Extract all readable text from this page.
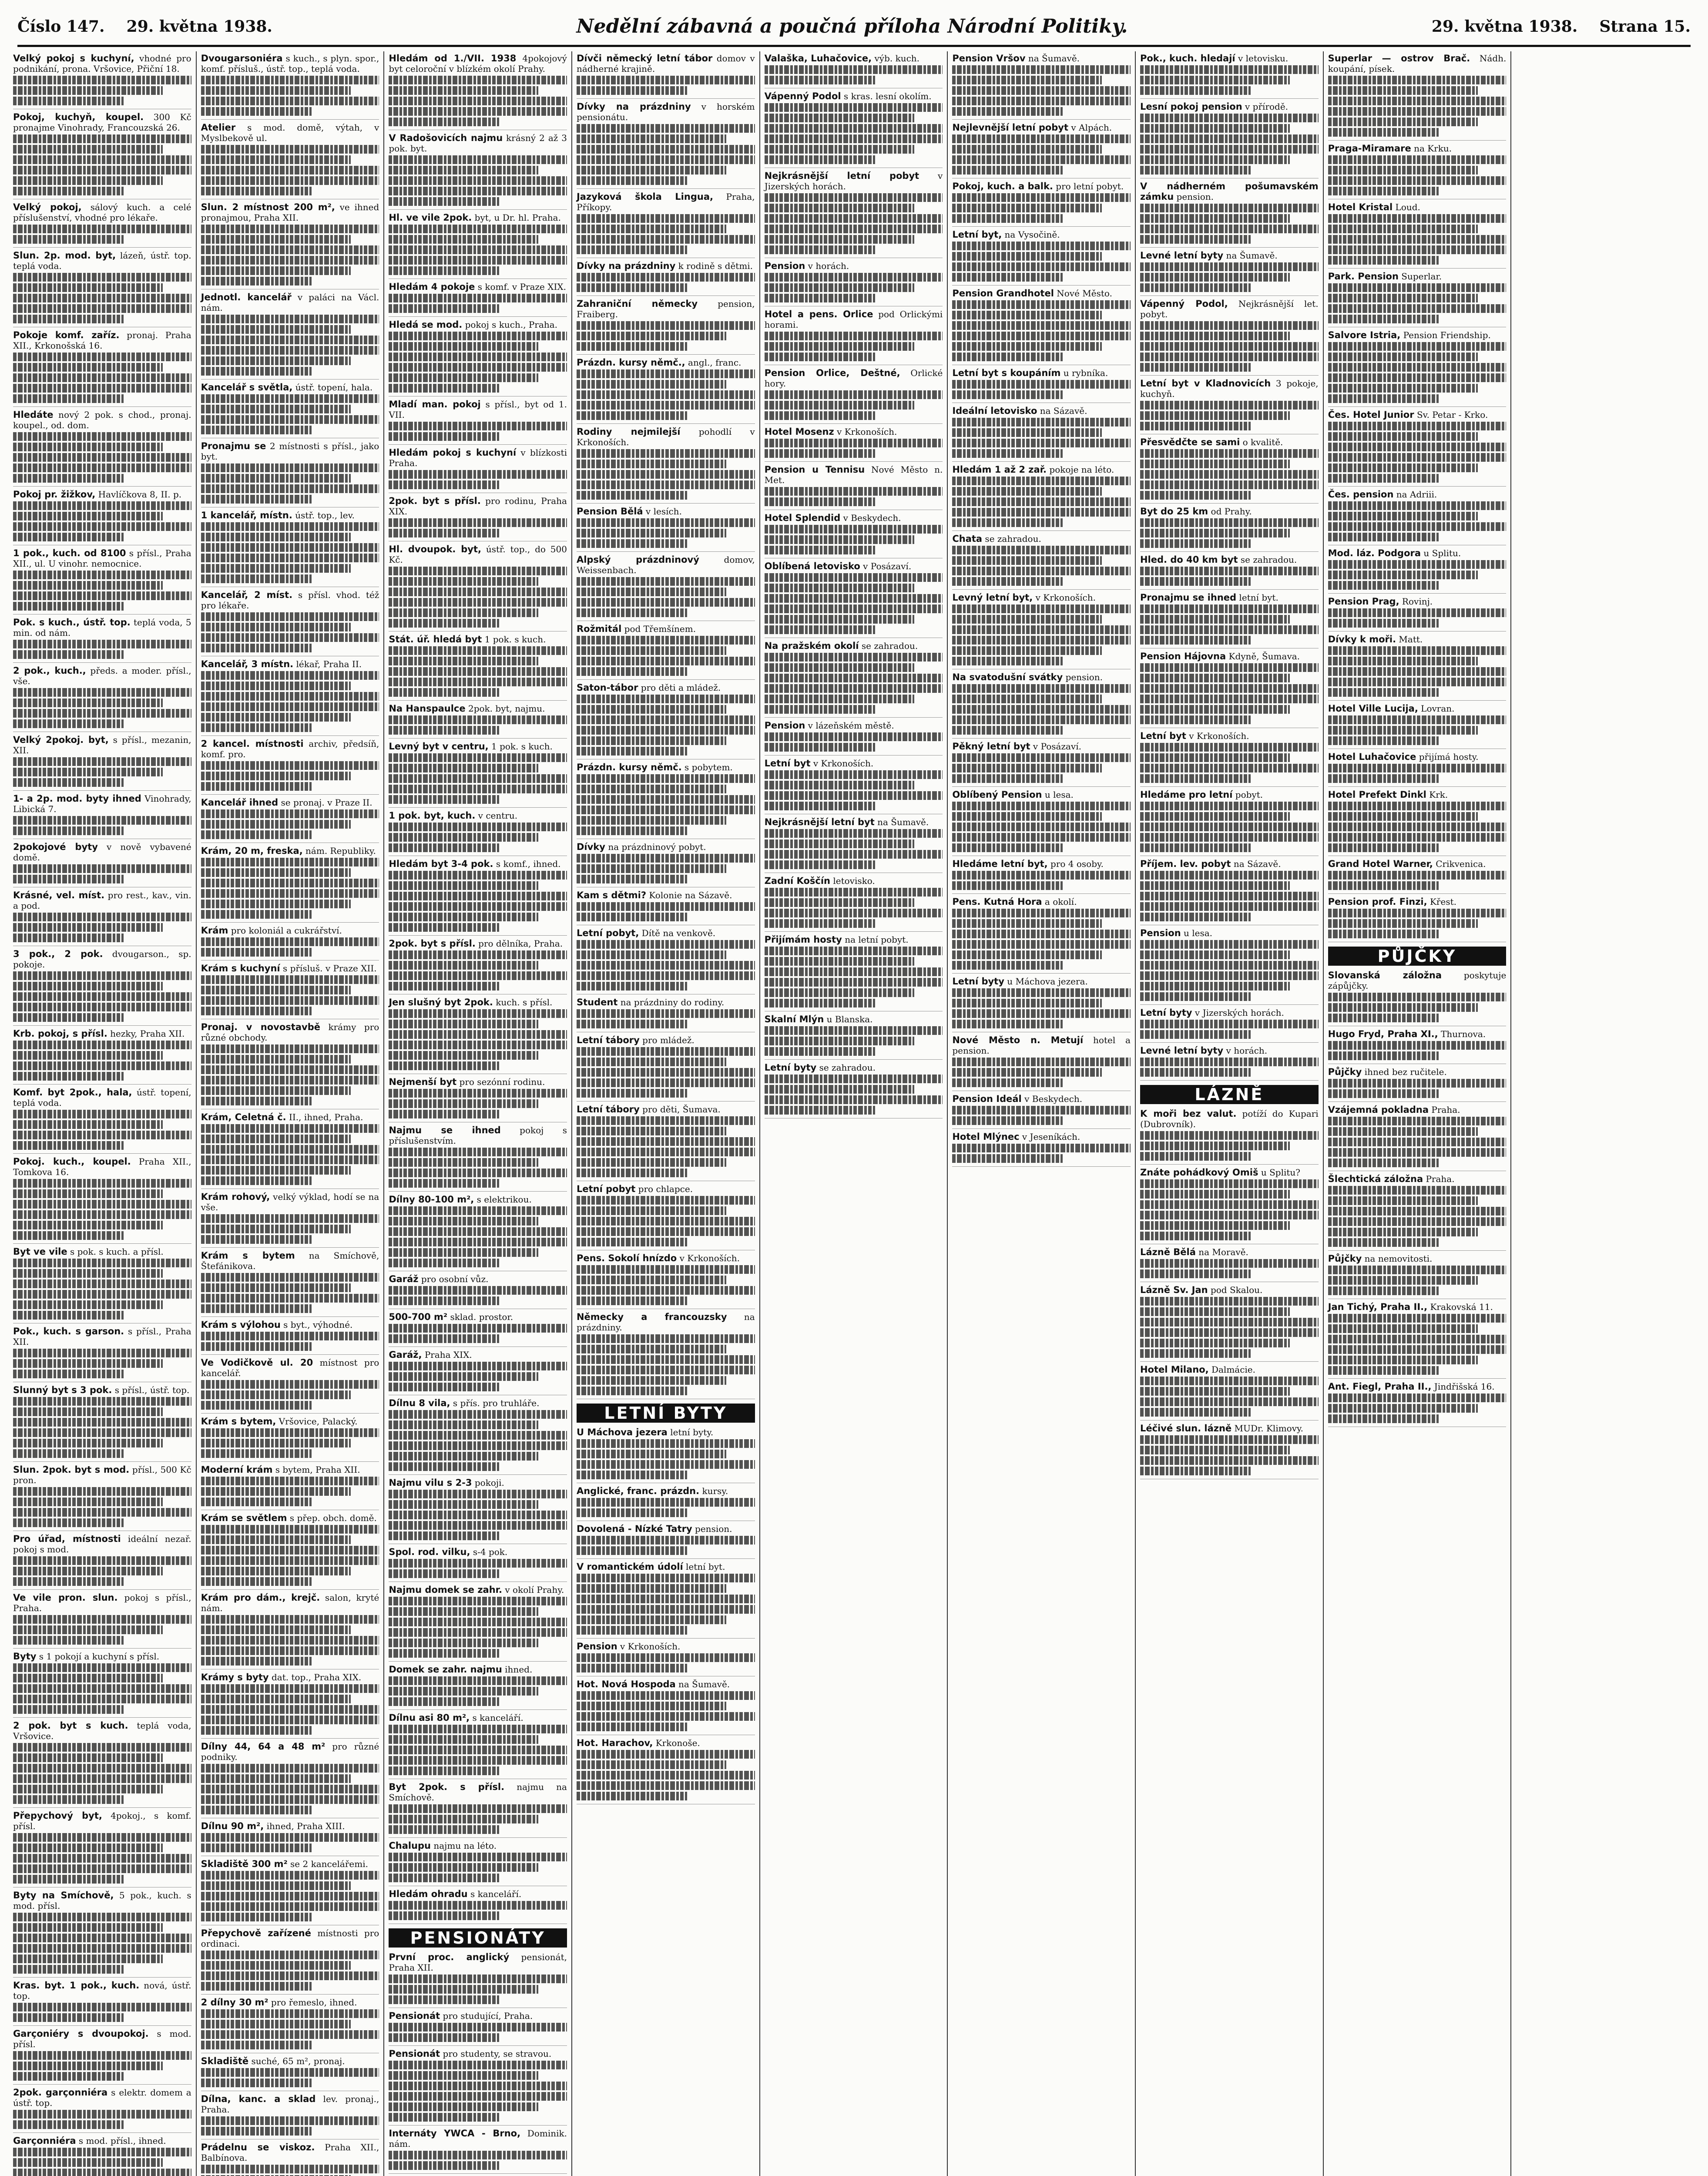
Číslo 147. 29. května 1938.	Nedělní zábavná a poučná příloha Národní Politiky.	29. května 1938. Strana 15.
Velký pokoj s kuchyní, vhodné pro podnikání, prona. Vršovice, Přiční 18.
Pokoj, kuchyň, koupel. 300 Kč pronajme Vinohrady, Francouzská 26.
Velký pokoj, sálový kuch. a celé příslušenství, vhodné pro lékaře.
Slun. 2p. mod. byt, lázeň, ústř. top. teplá voda.
Pokoje komf. zaříz. pronaj. Praha XII., Krkonošská 16.
Hledáte nový 2 pok. s chod., pronaj. koupel., od. dom.
Pokoj pr. žižkov, Havlíčkova 8, II. p.
1 pok., kuch. od 8100 s přísl., Praha XII., ul. U vinohr. nemocnice.
Pok. s kuch., ústř. top. teplá voda, 5 min. od nám.
2 pok., kuch., předs. a moder. přísl., vše.
Velký 2pokoj. byt, s přísl., mezanin, XII.
1- a 2p. mod. byty ihned Vinohrady, Libická 7.
2pokojové byty v nově vybavené domě.
Krásné, vel. míst. pro rest., kav., vin. a pod.
3 pok., 2 pok. dvougarson., sp. pokoje.
Krb. pokoj, s přísl. hezky, Praha XII.
Komf. byt 2pok., hala, ústř. topení, teplá voda.
Pokoj. kuch., koupel. Praha XII., Tomkova 16.
Byt ve vile s pok. s kuch. a přísl.
Pok., kuch. s garson. s přísl., Praha XII.
Slunný byt s 3 pok. s přísl., ústř. top.
Slun. 2pok. byt s mod. přísl., 500 Kč pron.
Pro úřad, místnosti ideální nezař. pokoj s mod.
Ve vile pron. slun. pokoj s přísl., Praha.
Byty s 1 pokojí a kuchyní s přísl.
2 pok. byt s kuch. teplá voda, Vršovice.
Přepychový byt, 4pokoj., s komf. přísl.
Byty na Smíchově, 5 pok., kuch. s mod. přísl.
Kras. byt. 1 pok., kuch. nová, ústř. top.
Garçoniéry s dvoupokoj. s mod. přísl.
2pok. garçonniéra s elektr. domem a ústř. top.
Garçonniéra s mod. přísl., ihned.
Dvougarsoniéra s kuch., s plyn. spor., komf. přísluš., ústř. top., teplá voda.
Atelier s mod. domě, výtah, v Myslbekově ul.
Slun. 2 místnost 200 m², ve ihned pronajmou, Praha XII.
Jednotl. kancelář v paláci na Václ. nám.
Kancelář s světla, ústř. topení, hala.
Pronajmu se 2 místnosti s přísl., jako byt.
1 kancelář, místn. ústř. top., lev.
Kancelář, 2 míst. s přísl. vhod. též pro lékaře.
Kancelář, 3 místn. lékař, Praha II.
2 kancel. místnosti archiv, předsíň, komf. pro.
Kancelář ihned se pronaj. v Praze II.
Krám, 20 m, freska, nám. Republiky.
Krám pro koloniál a cukrářství.
Krám s kuchyní s přísluš. v Praze XII.
Pronaj. v novostavbě krámy pro různé obchody.
Krám, Celetná č. II., ihned, Praha.
Krám rohový, velký výklad, hodí se na vše.
Krám s bytem na Smíchově, Štefánikova.
Krám s výlohou s byt., výhodné.
Ve Vodičkově ul. 20 místnost pro kancelář.
Krám s bytem, Vršovice, Palacký.
Moderní krám s bytem, Praha XII.
Krám se světlem s přep. obch. domě.
Krám pro dám., krejč. salon, kryté nám.
Krámy s byty dat. top., Praha XIX.
Dílny 44, 64 a 48 m² pro různé podniky.
Dílnu 90 m², ihned, Praha XIII.
Skladiště 300 m² se 2 kancelářemi.
Přepychově zařízené místnosti pro ordinaci.
2 dílny 30 m² pro řemeslo, ihned.
Skladiště suché, 65 m², pronaj.
Dílna, kanc. a sklad lev. pronaj., Praha.
Prádelnu se viskoz. Praha XII., Balbínova.
Hledám od 1./VII. 1938 4pokojový byt celoroční v blízkém okolí Prahy.
V Radošovicích najmu krásný 2 až 3 pok. byt.
Hl. ve vile 2pok. byt, u Dr. hl. Praha.
Hledám 4 pokoje s komf. v Praze XIX.
Hledá se mod. pokoj s kuch., Praha.
Mladí man. pokoj s přísl., byt od 1. VII.
Hledám pokoj s kuchyní v blízkosti Praha.
2pok. byt s přísl. pro rodinu, Praha XIX.
Hl. dvoupok. byt, ústř. top., do 500 Kč.
Stát. úř. hledá byt 1 pok. s kuch.
Na Hanspaulce 2pok. byt, najmu.
Levný byt v centru, 1 pok. s kuch.
1 pok. byt, kuch. v centru.
Hledám byt 3-4 pok. s komf., ihned.
2pok. byt s přísl. pro dělníka, Praha.
Jen slušný byt 2pok. kuch. s přísl.
Nejmenší byt pro sezónní rodinu.
Najmu se ihned pokoj s příslušenstvím.
Dílny 80-100 m², s elektrikou.
Garáž pro osobní vůz.
500-700 m² sklad. prostor.
Garáž, Praha XIX.
Dílnu 8 vila, s přís. pro truhláře.
Najmu vilu s 2-3 pokoji.
Spol. rod. vilku, s-4 pok.
Najmu domek se zahr. v okolí Prahy.
Domek se zahr. najmu ihned.
Dílnu asi 80 m², s kanceláří.
Byt 2pok. s přísl. najmu na Smíchově.
Chalupu najmu na léto.
Hledám ohradu s kanceláří.
PENSIONÁTY
První proc. anglický pensionát, Praha XII.
Pensionát pro studující, Praha.
Pensionát pro studenty, se stravou.
Internáty YWCA - Brno, Dominik. nám.
Dívči německý letní tábor domov v nádherné krajině.
Dívky na prázdniny v horském pensionátu.
Jazyková škola Lingua, Praha, Příkopy.
Dívky na prázdniny k rodině s dětmi.
Zahraniční německy pension, Fraiberg.
Prázdn. kursy němč., angl., franc.
Rodiny nejmilejší pohodlí v Krkonoších.
Pension Bělá v lesích.
Alpský prázdninový domov, Weissenbach.
Rožmitál pod Třemšínem.
Saton-tábor pro děti a mládež.
Prázdn. kursy němč. s pobytem.
Dívky na prázdninový pobyt.
Kam s dětmi? Kolonie na Sázavě.
Letní pobyt, Dítě na venkově.
Student na prázdniny do rodiny.
Letní tábory pro mládež.
Letní tábory pro děti, Šumava.
Letní pobyt pro chlapce.
Pens. Sokolí hnízdo v Krkonoších.
Německy a francouzsky na prázdniny.
LETNÍ BYTY
U Máchova jezera letní byty.
Anglické, franc. prázdn. kursy.
Dovolená - Nízké Tatry pension.
V romantickém údolí letní byt.
Pension v Krkonoších.
Hot. Nová Hospoda na Šumavě.
Hot. Harachov, Krkonoše.
Valaška, Luhačovice, výb. kuch.
Vápenný Podol s kras. lesní okolím.
Nejkrásnější letní pobyt v Jizerských horách.
Pension v horách.
Hotel a pens. Orlice pod Orlickými horami.
Pension Orlice, Deštné, Orlické hory.
Hotel Mosenz v Krkonoších.
Pension u Tennisu Nové Město n. Met.
Hotel Splendid v Beskydech.
Oblíbená letovisko v Posázaví.
Na pražském okolí se zahradou.
Pension v lázeňském městě.
Letní byt v Krkonoších.
Nejkrásnější letní byt na Šumavě.
Zadní Koščín letovisko.
Přijímám hosty na letní pobyt.
Skalní Mlýn u Blanska.
Letní byty se zahradou.
Pension Vršov na Šumavě.
Nejlevnější letní pobyt v Alpách.
Pokoj, kuch. a balk. pro letní pobyt.
Letní byt, na Vysočině.
Pension Grandhotel Nové Město.
Letní byt s koupáním u rybníka.
Ideální letovisko na Sázavě.
Hledám 1 až 2 zař. pokoje na léto.
Chata se zahradou.
Levný letní byt, v Krkonoších.
Na svatodušní svátky pension.
Pěkný letní byt v Posázaví.
Oblíbený Pension u lesa.
Hledáme letní byt, pro 4 osoby.
Pens. Kutná Hora a okolí.
Letní byty u Máchova jezera.
Nové Město n. Metují hotel a pension.
Pension Ideál v Beskydech.
Hotel Mlýnec v Jeseníkách.
Pok., kuch. hledají v letovisku.
Lesní pokoj pension v přírodě.
V nádherném pošumavském zámku pension.
Levné letní byty na Šumavě.
Vápenný Podol, Nejkrásnější let. pobyt.
Letní byt v Kladnovicích 3 pokoje, kuchyň.
Přesvědčte se sami o kvalitě.
Byt do 25 km od Prahy.
Hled. do 40 km byt se zahradou.
Pronajmu se ihned letní byt.
Pension Hájovna Kdyně, Šumava.
Letní byt v Krkonoších.
Hledáme pro letní pobyt.
Příjem. lev. pobyt na Sázavě.
Pension u lesa.
Letní byty v Jizerských horách.
Levné letní byty v horách.
LÁZNĚ
K moři bez valut. potíží do Kupari (Dubrovník).
Znáte pohádkový Omiš u Splitu?
Lázně Bělá na Moravě.
Lázně Sv. Jan pod Skalou.
Hotel Milano, Dalmácie.
Léčivé slun. lázně MUDr. Klimovy.
Superlar — ostrov Brač. Nádh. koupání, písek.
Praga-Miramare na Krku.
Hotel Kristal Loud.
Park. Pension Superlar.
Salvore Istria, Pension Friendship.
Čes. Hotel Junior Sv. Petar - Krko.
Čes. pension na Adriii.
Mod. láz. Podgora u Splitu.
Pension Prag, Rovinj.
Dívky k moři. Matt.
Hotel Ville Lucija, Lovran.
Hotel Luhačovice přijímá hosty.
Hotel Prefekt Dinkl Krk.
Grand Hotel Warner, Crikvenica.
Pension prof. Finzi, Křest.
PŮJČKY
Slovanská záložna poskytuje zápůjčky.
Hugo Fryd, Praha XI., Thurnova.
Půjčky ihned bez ručitele.
Vzájemná pokladna Praha.
Šlechtická záložna Praha.
Půjčky na nemovitosti.
Jan Tichý, Praha II., Krakovská 11.
Ant. Fiegl, Praha II., Jindřišská 16.
